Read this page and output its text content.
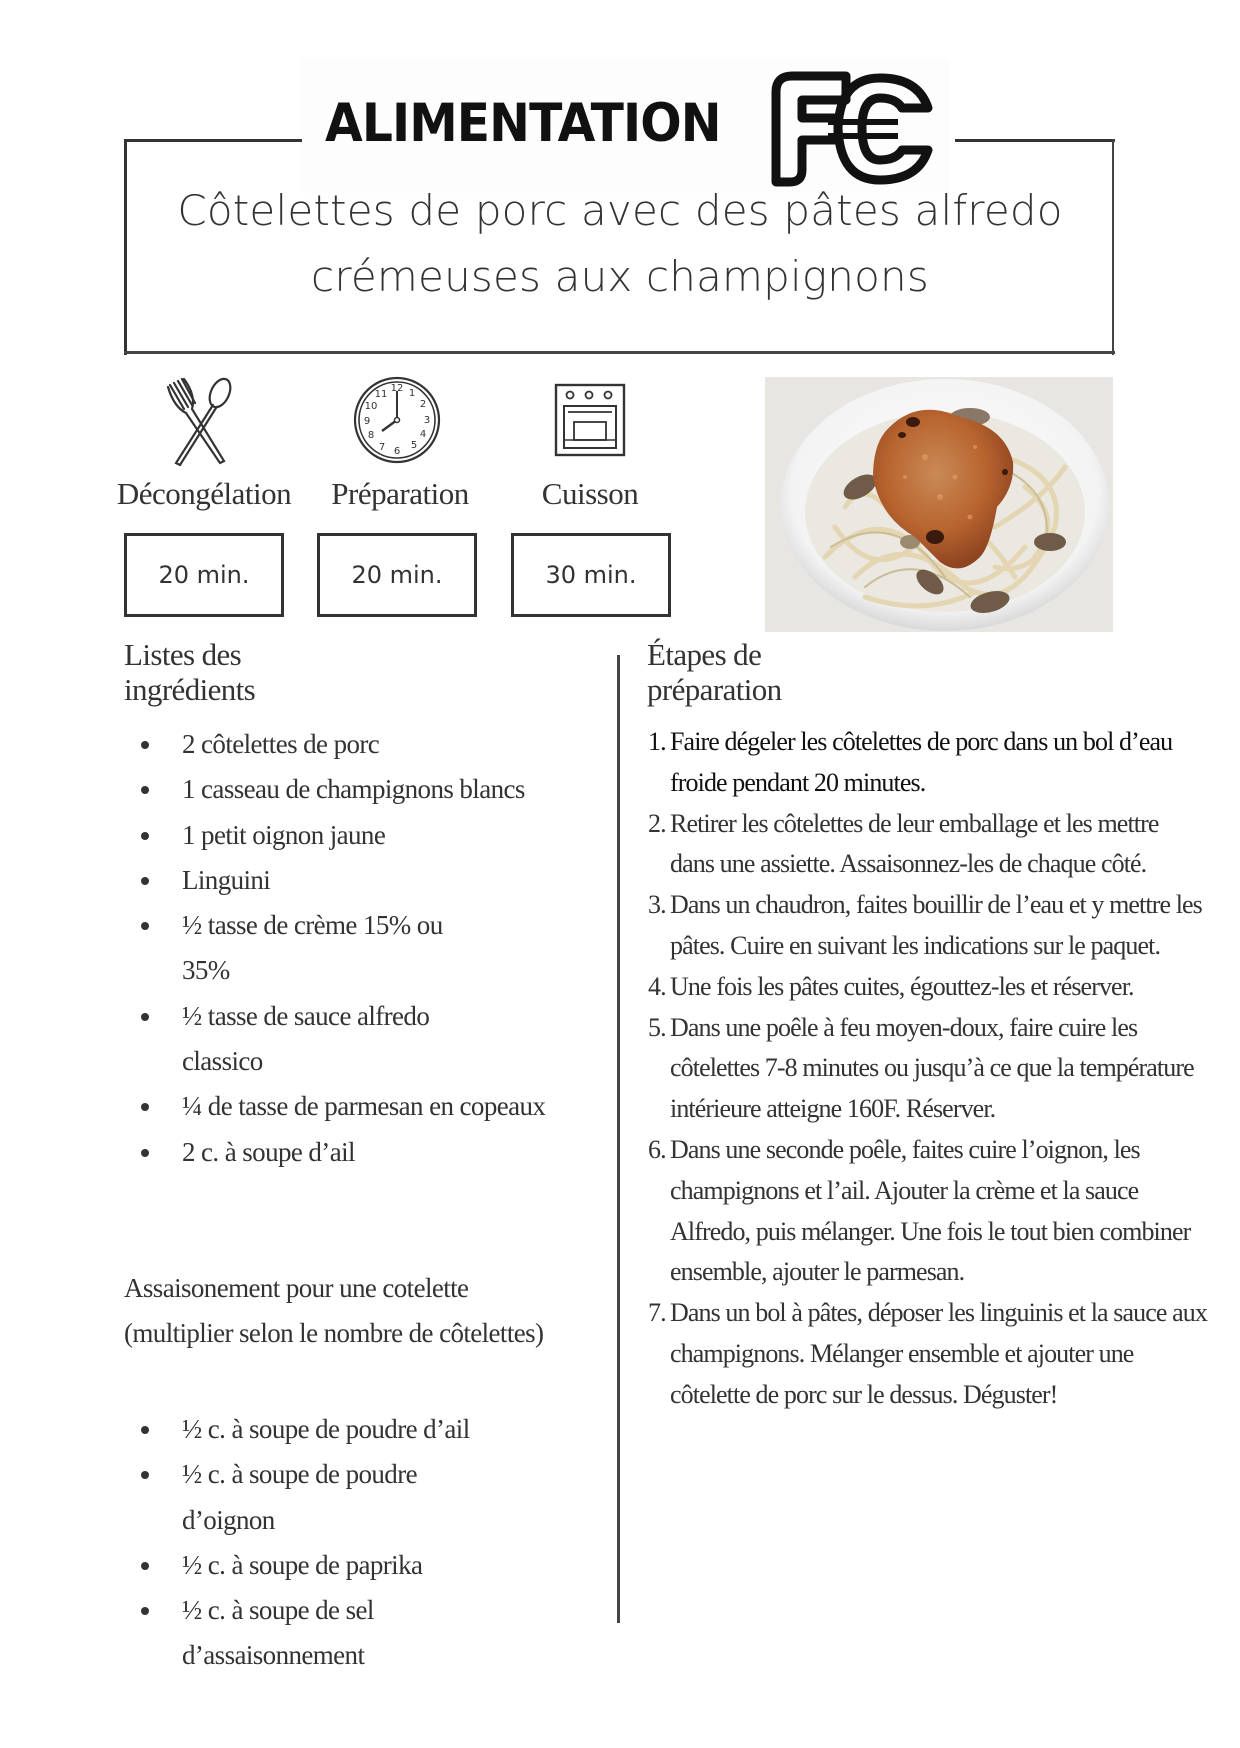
ALIMENTATION
Côtelettes de porc avec des pâtes alfredo
crémeuses aux champignons
12 1
2
3
4
5
6
7
8
9
10
11
Décongélation	Préparation	Cuisson
20 min.	20 min.	30 min.
Listes des
ingrédients
2 côtelettes de porc
1 casseau de champignons blancs
1 petit oignon jaune
Linguini
½ tasse de crème 15% ou 35%
½ tasse de sauce alfredo classico
¼ de tasse de parmesan en copeaux
2 c. à soupe d’ail
Assaisonement pour une cotelette (multiplier selon le nombre de côtelettes)
½ c. à soupe de poudre d’ail
½ c. à soupe de poudre d’oignon
½ c. à soupe de paprika
½ c. à soupe de sel d’assaisonnement
Étapes de
préparation
1. Faire dégeler les côtelettes de porc dans un bol d’eau froide pendant 20 minutes.
2. Retirer les côtelettes de leur emballage et les mettre dans une assiette. Assaisonnez-les de chaque côté.
3. Dans un chaudron, faites bouillir de l’eau et y mettre les pâtes. Cuire en suivant les indications sur le paquet.
4. Une fois les pâtes cuites, égouttez-les et réserver.
5. Dans une poêle à feu moyen-doux, faire cuire les côtelettes 7-8 minutes ou jusqu’à ce que la température intérieure atteigne 160F. Réserver.
6. Dans une seconde poêle, faites cuire l’oignon, les champignons et l’ail. Ajouter la crème et la sauce Alfredo, puis mélanger. Une fois le tout bien combiner ensemble, ajouter le parmesan.
7. Dans un bol à pâtes, déposer les linguinis et la sauce aux champignons. Mélanger ensemble et ajouter une côtelette de porc sur le dessus. Déguster!
